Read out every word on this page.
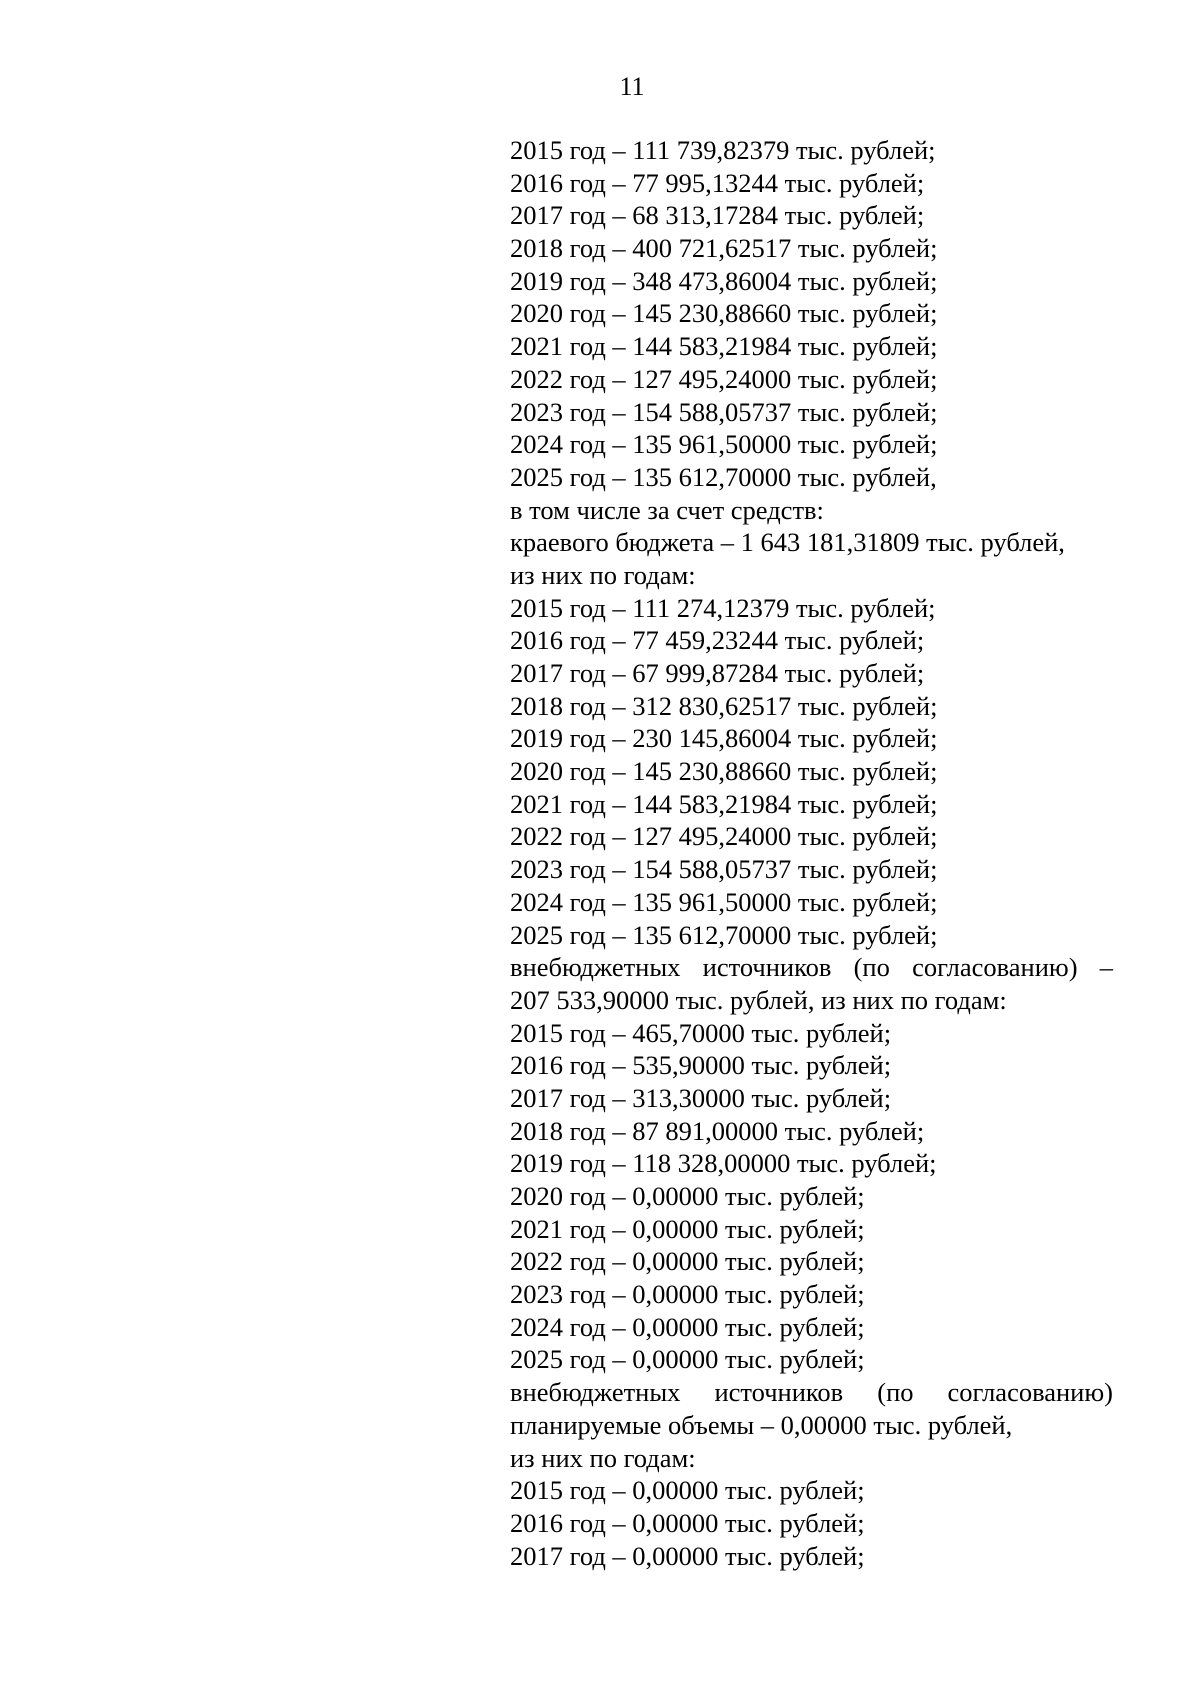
11
2015 год – 111 739,82379 тыс. рублей;
2016 год – 77 995,13244 тыс. рублей;
2017 год – 68 313,17284 тыс. рублей;
2018 год – 400 721,62517 тыс. рублей;
2019 год – 348 473,86004 тыс. рублей;
2020 год – 145 230,88660 тыс. рублей;
2021 год – 144 583,21984 тыс. рублей;
2022 год – 127 495,24000 тыс. рублей;
2023 год – 154 588,05737 тыс. рублей;
2024 год – 135 961,50000 тыс. рублей;
2025 год – 135 612,70000 тыс. рублей,
в том числе за счет средств:
краевого бюджета – 1 643 181,31809 тыс. рублей,
из них по годам:
2015 год – 111 274,12379 тыс. рублей;
2016 год – 77 459,23244 тыс. рублей;
2017 год – 67 999,87284 тыс. рублей;
2018 год – 312 830,62517 тыс. рублей;
2019 год – 230 145,86004 тыс. рублей;
2020 год – 145 230,88660 тыс. рублей;
2021 год – 144 583,21984 тыс. рублей;
2022 год – 127 495,24000 тыс. рублей;
2023 год – 154 588,05737 тыс. рублей;
2024 год – 135 961,50000 тыс. рублей;
2025 год – 135 612,70000 тыс. рублей;
внебюджетных источников (по согласованию) –
207 533,90000 тыс. рублей, из них по годам:
2015 год – 465,70000 тыс. рублей;
2016 год – 535,90000 тыс. рублей;
2017 год – 313,30000 тыс. рублей;
2018 год – 87 891,00000 тыс. рублей;
2019 год – 118 328,00000 тыс. рублей;
2020 год – 0,00000 тыс. рублей;
2021 год – 0,00000 тыс. рублей;
2022 год – 0,00000 тыс. рублей;
2023 год – 0,00000 тыс. рублей;
2024 год – 0,00000 тыс. рублей;
2025 год – 0,00000 тыс. рублей;
внебюджетных источников (по согласованию)
планируемые объемы – 0,00000 тыс. рублей,
из них по годам:
2015 год – 0,00000 тыс. рублей;
2016 год – 0,00000 тыс. рублей;
2017 год – 0,00000 тыс. рублей;
